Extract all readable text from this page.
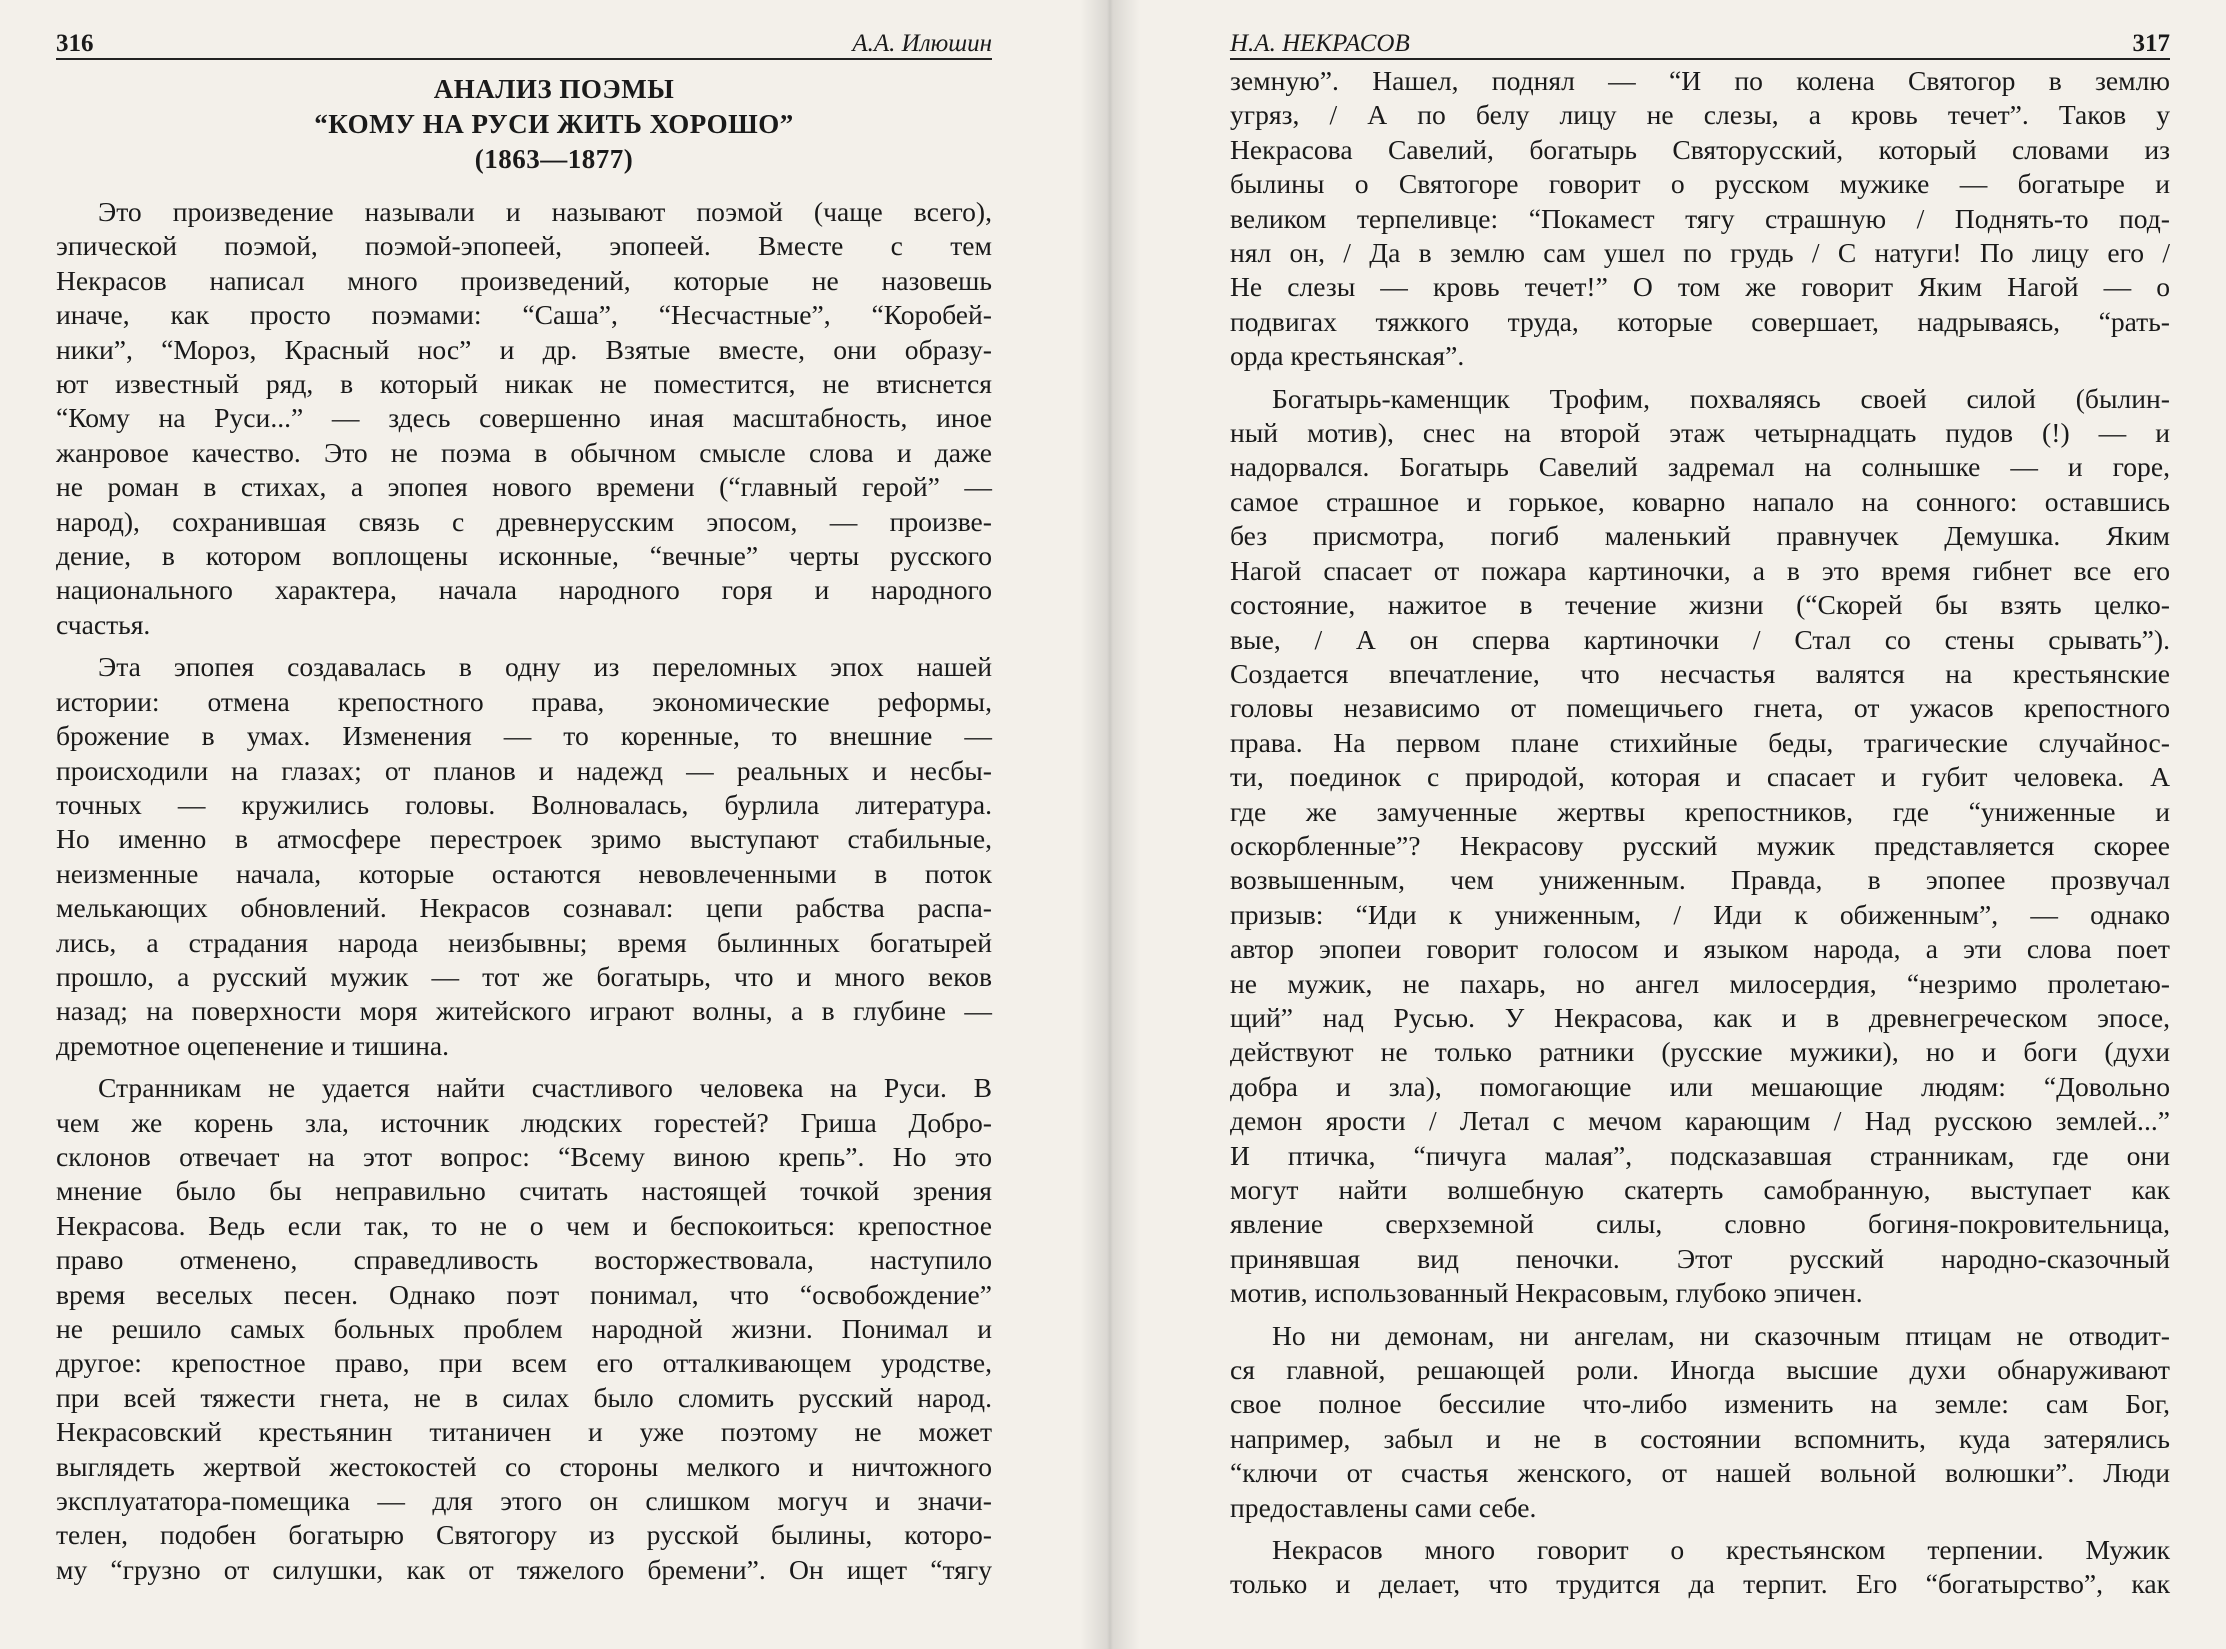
316	А.А. Илюшин
АНАЛИЗ ПОЭМЫ
“КОМУ НА РУСИ ЖИТЬ ХОРОШО”
(1863—1877)

Это произведение называли и называют поэмой (чаще всего),
эпической поэмой, поэмой-эпопеей, эпопеей. Вместе с тем
Некрасов написал много произведений, которые не назовешь
иначе, как просто поэмами: “Саша”, “Несчастные”, “Коробей-
ники”, “Мороз, Красный нос” и др. Взятые вместе, они образу-
ют известный ряд, в который никак не поместится, не втиснется
“Кому на Руси...” — здесь совершенно иная масштабность, иное
жанровое качество. Это не поэма в обычном смысле слова и даже
не роман в стихах, а эпопея нового времени (“главный герой” —
народ), сохранившая связь с древнерусским эпосом, — произве-
дение, в котором воплощены исконные, “вечные” черты русского
национального характера, начала народного горя и народного
счастья.

Эта эпопея создавалась в одну из переломных эпох нашей
истории: отмена крепостного права, экономические реформы,
брожение в умах. Изменения — то коренные, то внешние —
происходили на глазах; от планов и надежд — реальных и несбы-
точных — кружились головы. Волновалась, бурлила литература.
Но именно в атмосфере перестроек зримо выступают стабильные,
неизменные начала, которые остаются невовлеченными в поток
мелькающих обновлений. Некрасов сознавал: цепи рабства распа-
лись, а страдания народа неизбывны; время былинных богатырей
прошло, а русский мужик — тот же богатырь, что и много веков
назад; на поверхности моря житейского играют волны, а в глубине —
дремотное оцепенение и тишина.

Странникам не удается найти счастливого человека на Руси. В
чем же корень зла, источник людских горестей? Гриша Добро-
склонов отвечает на этот вопрос: “Всему виною крепь”. Но это
мнение было бы неправильно считать настоящей точкой зрения
Некрасова. Ведь если так, то не о чем и беспокоиться: крепостное
право отменено, справедливость восторжествовала, наступило
время веселых песен. Однако поэт понимал, что “освобождение”
не решило самых больных проблем народной жизни. Понимал и
другое: крепостное право, при всем его отталкивающем уродстве,
при всей тяжести гнета, не в силах было сломить русский народ.
Некрасовский крестьянин титаничен и уже поэтому не может
выглядеть жертвой жестокостей со стороны мелкого и ничтожного
эксплуататора-помещика — для этого он слишком могуч и значи-
телен, подобен богатырю Святогору из русской былины, которо-
му “грузно от силушки, как от тяжелого бремени”. Он ищет “тягу

Н.А. НЕКРАСОВ	317

земную”. Нашел, поднял — “И по колена Святогор в землю
угряз, / А по белу лицу не слезы, а кровь течет”. Таков у
Некрасова Савелий, богатырь Святорусский, который словами из
былины о Святогоре говорит о русском мужике — богатыре и
великом терпеливце: “Покамест тягу страшную / Поднять-то под-
нял он, / Да в землю сам ушел по грудь / С натуги! По лицу его /
Не слезы — кровь течет!” О том же говорит Яким Нагой — о
подвигах тяжкого труда, которые совершает, надрываясь, “рать-
орда крестьянская”.

Богатырь-каменщик Трофим, похваляясь своей силой (былин-
ный мотив), снес на второй этаж четырнадцать пудов (!) — и
надорвался. Богатырь Савелий задремал на солнышке — и горе,
самое страшное и горькое, коварно напало на сонного: оставшись
без присмотра, погиб маленький правнучек Демушка. Яким
Нагой спасает от пожара картиночки, а в это время гибнет все его
состояние, нажитое в течение жизни (“Скорей бы взять целко-
вые, / А он сперва картиночки / Стал со стены срывать”).
Создается впечатление, что несчастья валятся на крестьянские
головы независимо от помещичьего гнета, от ужасов крепостного
права. На первом плане стихийные беды, трагические случайнос-
ти, поединок с природой, которая и спасает и губит человека. А
где же замученные жертвы крепостников, где “униженные и
оскорбленные”? Некрасову русский мужик представляется скорее
возвышенным, чем униженным. Правда, в эпопее прозвучал
призыв: “Иди к униженным, / Иди к обиженным”, — однако
автор эпопеи говорит голосом и языком народа, а эти слова поет
не мужик, не пахарь, но ангел милосердия, “незримо пролетаю-
щий” над Русью. У Некрасова, как и в древнегреческом эпосе,
действуют не только ратники (русские мужики), но и боги (духи
добра и зла), помогающие или мешающие людям: “Довольно
демон ярости / Летал с мечом карающим / Над русскою землей...”
И птичка, “пичуга малая”, подсказавшая странникам, где они
могут найти волшебную скатерть самобранную, выступает как
явление сверхземной силы, словно богиня-покровительница,
принявшая вид пеночки. Этот русский народно-сказочный
мотив, использованный Некрасовым, глубоко эпичен.

Но ни демонам, ни ангелам, ни сказочным птицам не отводит-
ся главной, решающей роли. Иногда высшие духи обнаруживают
свое полное бессилие что-либо изменить на земле: сам Бог,
например, забыл и не в состоянии вспомнить, куда затерялись
“ключи от счастья женского, от нашей вольной волюшки”. Люди
предоставлены сами себе.

Некрасов много говорит о крестьянском терпении. Мужик
только и делает, что трудится да терпит. Его “богатырство”, как
